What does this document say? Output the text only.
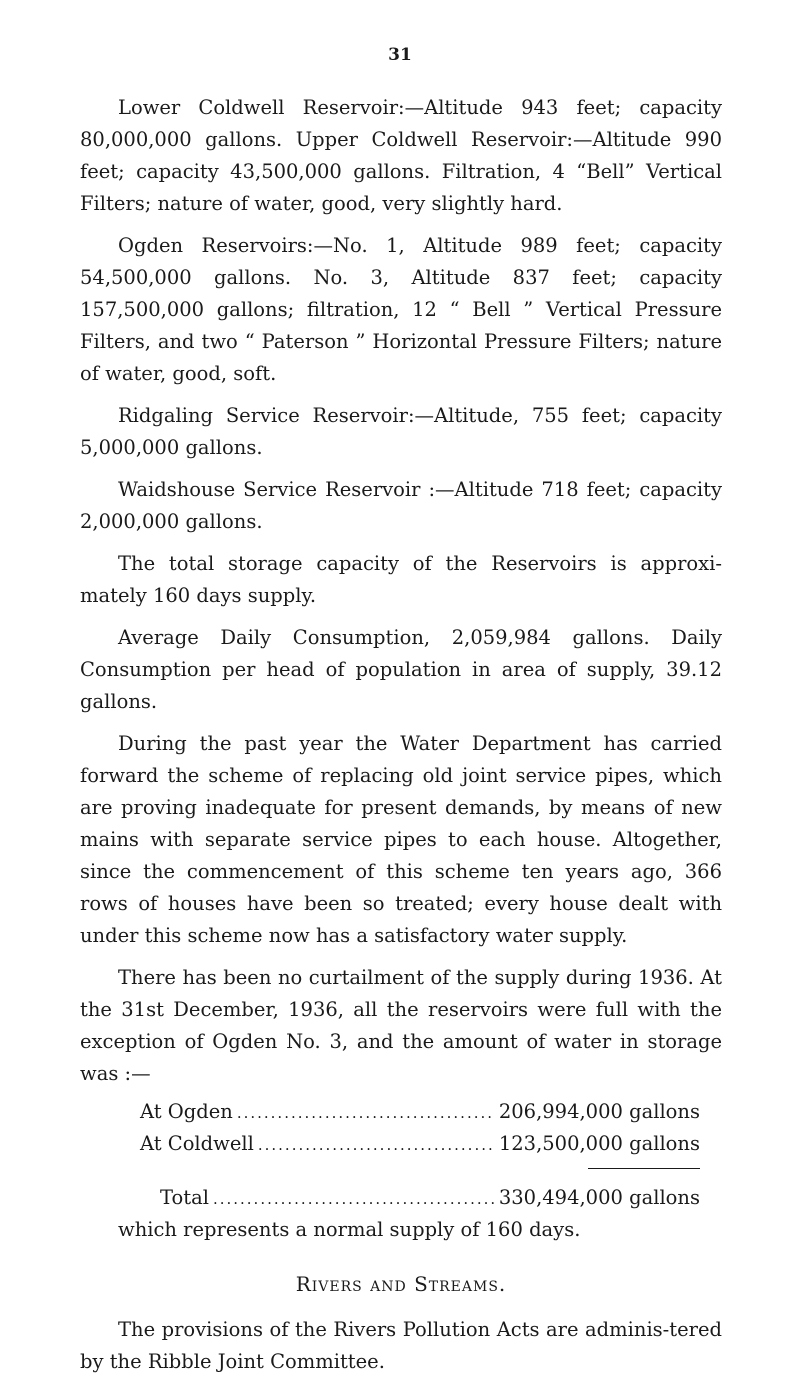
31

Lower Coldwell Reservoir:—Altitude 943 feet; capacity 80,000,000 gallons. Upper Coldwell Reservoir:—Altitude 990 feet; capacity 43,500,000 gallons. Filtration, 4 “Bell” Vertical Filters; nature of water, good, very slightly hard.

Ogden Reservoirs:—No. 1, Altitude 989 feet; capacity 54,500,000 gallons. No. 3, Altitude 837 feet; capacity 157,500,000 gallons; filtration, 12 “ Bell ” Vertical Pressure Filters, and two “ Paterson ” Horizontal Pressure Filters; nature of water, good, soft.

Ridgaling Service Reservoir:—Altitude, 755 feet; capacity 5,000,000 gallons.

Waidshouse Service Reservoir :—Altitude 718 feet; capacity 2,000,000 gallons.

The total storage capacity of the Reservoirs is approxi-mately 160 days supply.

Average Daily Consumption, 2,059,984 gallons. Daily Consumption per head of population in area of supply, 39.12 gallons.

During the past year the Water Department has carried forward the scheme of replacing old joint service pipes, which are proving inadequate for present demands, by means of new mains with separate service pipes to each house. Altogether, since the commencement of this scheme ten years ago, 366 rows of houses have been so treated; every house dealt with under this scheme now has a satisfactory water supply.

There has been no curtailment of the supply during 1936. At the 31st December, 1936, all the reservoirs were full with the exception of Ogden No. 3, and the amount of water in storage was :—

At Ogden .....	206,994,000 gallons
At Coldwell .....	123,500,000 gallons
Total .....	330,494,000 gallons

which represents a normal supply of 160 days.

Rivers and Streams.

The provisions of the Rivers Pollution Acts are adminis-tered by the Ribble Joint Committee.
